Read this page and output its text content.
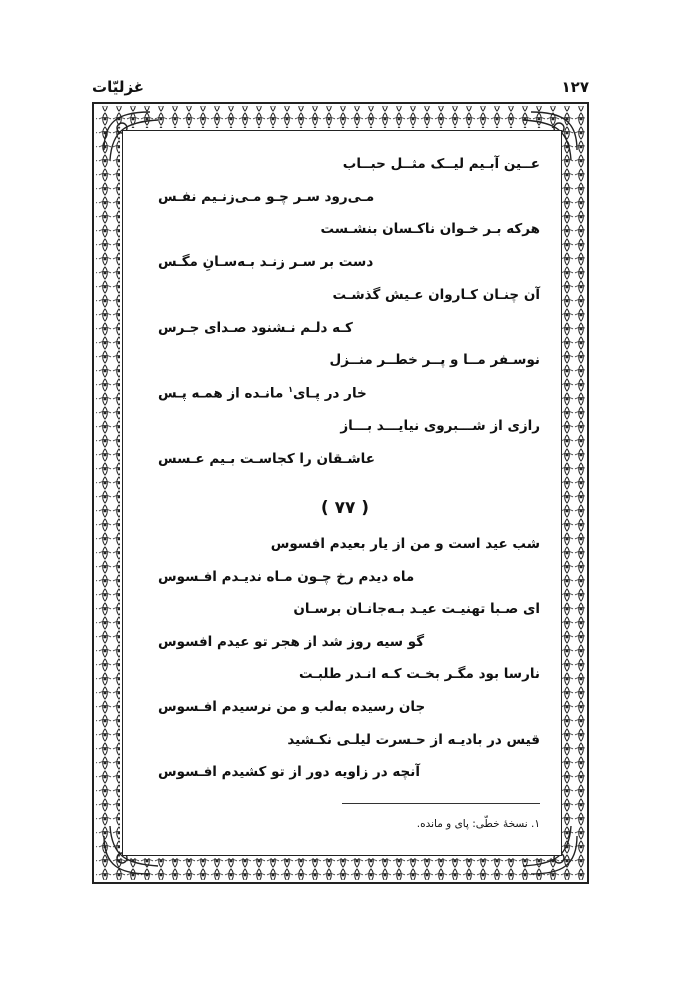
۱۲۷
غزلیّات
عــین آبـیم لیــک مثــل حبــاب
مـی‌رود سـر چـو مـی‌زنـیم نفـس
هرکه بـر خـوان ناکـسان بنشـست
دست بر سـر زنـد بـه‌سـانِ مگـس
آن چنـان کـاروان عـیش گذشـت
کـه دلـم نـشنود صـدای جـرس
نوسـفر مــا و پــر خطــر منــزل
خار در پـای$^۱$ مانـده از همـه پـس
رازی از شـــبروی نیایـــد بـــاز
عاشـقان را کجاسـت بـیم عـسس
( ۷۷ )
شب عید است و من از یار بعیدم افسوس
ماه دیدم رخ چـون مـاه ندیـدم افـسوس
ای صـبا تهنیـت عیـد بـه‌جانـان برسـان
گو سیه روز شد از هجر تو عیدم افسوس
نارسا بود مگـر بخـت کـه انـدر طلبـت
جان رسیده به‌لب و من نرسیدم افـسوس
قیس در بادیـه از حـسرت لیلـی نکـشید
آنچه در زاویه دور از تو کشیدم افـسوس
۱. نسخهٔ خطّی: پای و مانده.
